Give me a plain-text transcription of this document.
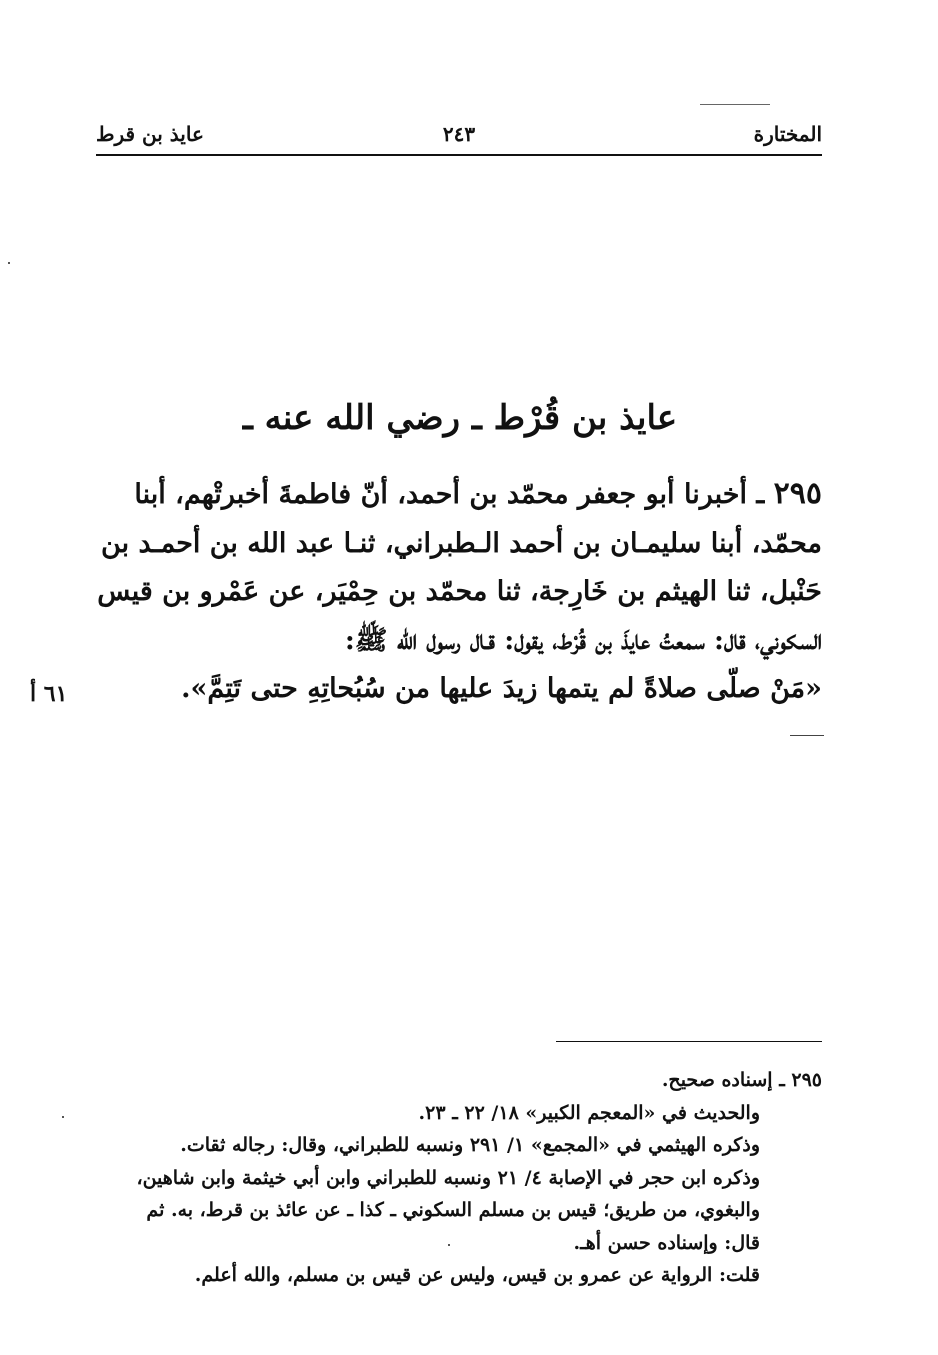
عايذ بن قرط	٢٤٣	المختارة
عايذ بن قُرْط ـ رضي الله عنه ـ
٢٩٥ ـ أخبرنا أبو جعفر محمّد بن أحمد، أنّ فاطمةَ أخبرتْهم، أبنا
محمّد، أبنا سليمـان بن أحمد الـطبراني، ثنـا عبد الله بن أحمـد بن
حَنْبل، ثنا الهيثم بن خَارِجة، ثنا محمّد بن حِمْيَر، عن عَمْرو بن قيس
السكوني، قال: سمعتُ عايذَ بن قُرْط، يقول: قـال رسول الله ﷺ:
«مَنْ صلّى صلاةً لم يتمها زيدَ عليها من سُبُحاتِهِ حتى تَتِمَّ».
٦١ أ
٢٩٥ ـ إسناده صحيح.
والحديث في «المعجم الكبير» ١٨/ ٢٢ ـ ٢٣.
وذكره الهيثمي في «المجمع» ١/ ٢٩١ ونسبه للطبراني، وقال: رجاله ثقات.
وذكره ابن حجر في الإصابة ٤/ ٢١ ونسبه للطبراني وابن أبي خيثمة وابن شاهين،
والبغوي، من طريق؛ قيس بن مسلم السكوني ـ كذا ـ عن عائذ بن قرط، به. ثم
قال: وإسناده حسن أهـ.
قلت: الرواية عن عمرو بن قيس، وليس عن قيس بن مسلم، والله أعلم.
